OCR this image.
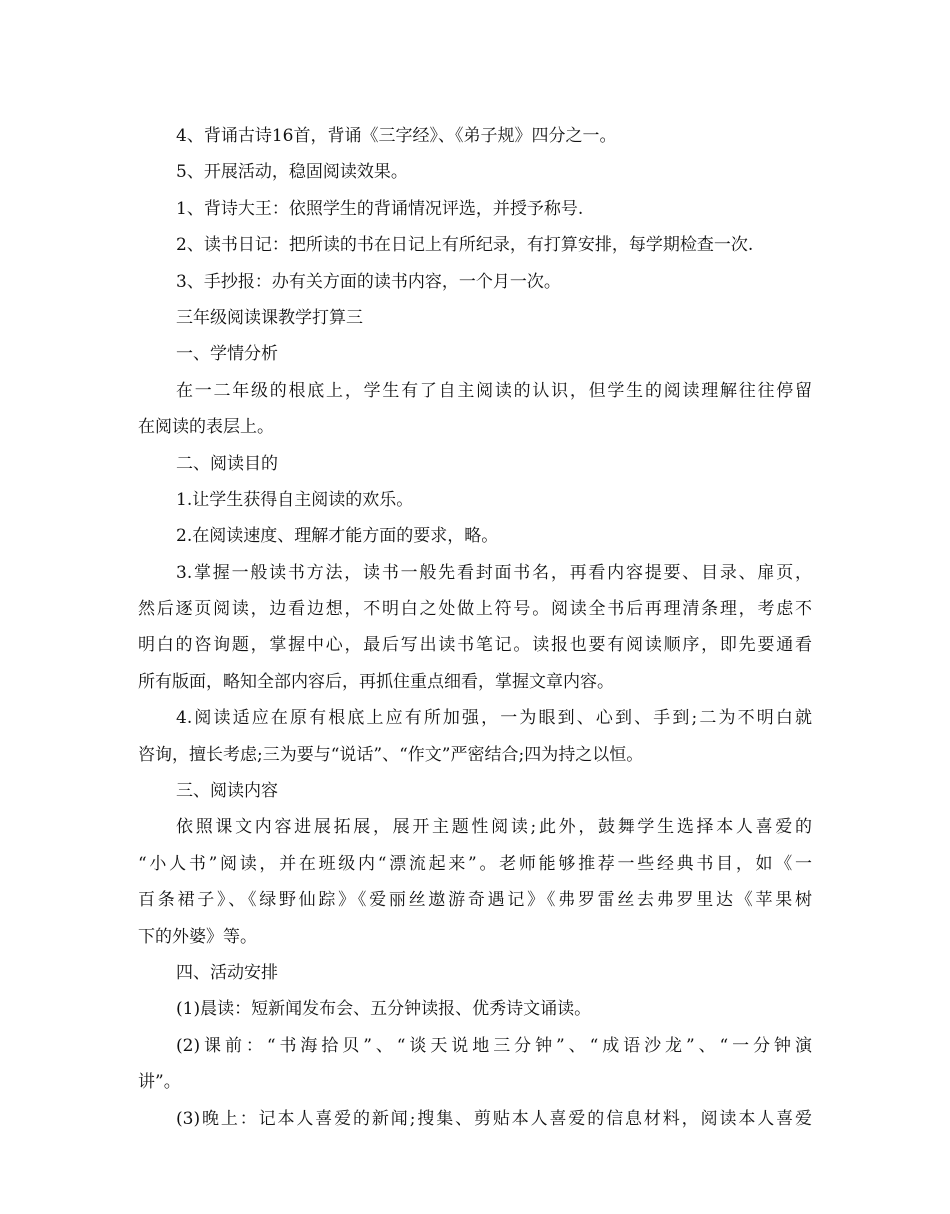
4、背诵古诗16首，背诵《三字经》、《弟子规》四分之一。
5、开展活动，稳固阅读效果。
1、背诗大王：依照学生的背诵情况评选，并授予称号.
2、读书日记：把所读的书在日记上有所纪录，有打算安排，每学期检查一次.
3、手抄报：办有关方面的读书内容，一个月一次。
三年级阅读课教学打算三
一、学情分析
在一二年级的根底上，学生有了自主阅读的认识，但学生的阅读理解往往停留
在阅读的表层上。
二、阅读目的
1.让学生获得自主阅读的欢乐。
2.在阅读速度、理解才能方面的要求，略。
3.掌握一般读书方法，读书一般先看封面书名，再看内容提要、目录、扉页，
然后逐页阅读，边看边想，不明白之处做上符号。阅读全书后再理清条理，考虑不
明白的咨询题，掌握中心，最后写出读书笔记。读报也要有阅读顺序，即先要通看
所有版面，略知全部内容后，再抓住重点细看，掌握文章内容。
4.阅读适应在原有根底上应有所加强，一为眼到、心到、手到;二为不明白就
咨询，擅长考虑;三为要与“说话”、“作文”严密结合;四为持之以恒。
三、阅读内容
依照课文内容进展拓展，展开主题性阅读;此外，鼓舞学生选择本人喜爱的
“小人书”阅读，并在班级内“漂流起来”。老师能够推荐一些经典书目，如《一
百条裙子》、《绿野仙踪》《爱丽丝遨游奇遇记》《弗罗雷丝去弗罗里达《苹果树
下的外婆》等。
四、活动安排
(1)晨读：短新闻发布会、五分钟读报、优秀诗文诵读。
(2)课前：“书海拾贝”、“谈天说地三分钟”、“成语沙龙”、“一分钟演
讲”。
(3)晚上：记本人喜爱的新闻;搜集、剪贴本人喜爱的信息材料，阅读本人喜爱
